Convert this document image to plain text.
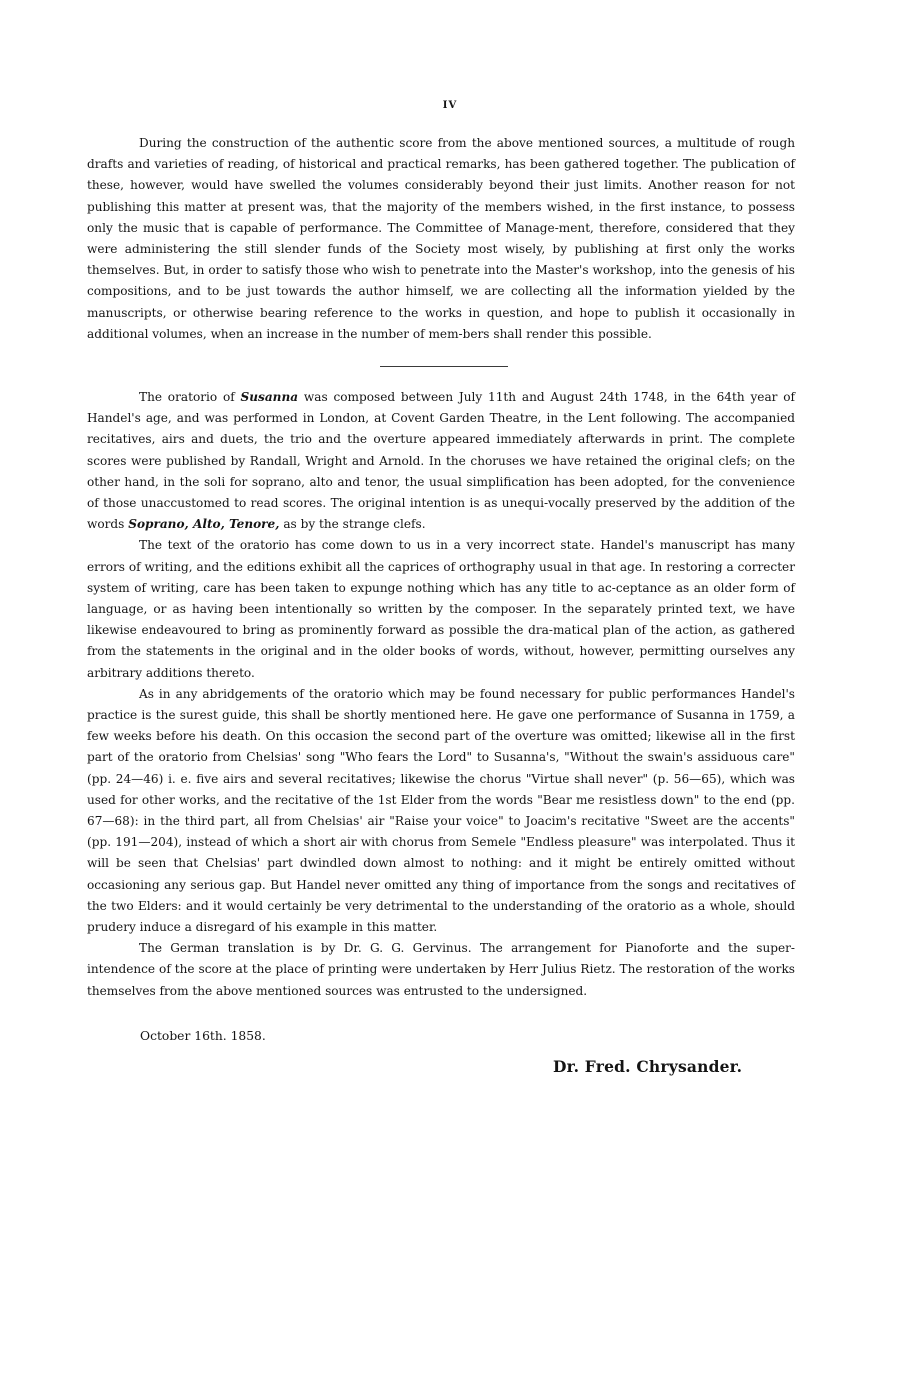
IV

During the construction of the authentic score from the above mentioned sources, a multitude of rough drafts and varieties of reading, of historical and practical remarks, has been gathered together. The publication of these, however, would have swelled the volumes considerably beyond their just limits. Another reason for not publishing this matter at present was, that the majority of the members wished, in the first instance, to possess only the music that is capable of performance. The Committee of Manage-ment, therefore, considered that they were administering the still slender funds of the Society most wisely, by publishing at first only the works themselves. But, in order to satisfy those who wish to penetrate into the Master's workshop, into the genesis of his compositions, and to be just towards the author himself, we are collecting all the information yielded by the manuscripts, or otherwise bearing reference to the works in question, and hope to publish it occasionally in additional volumes, when an increase in the number of mem-bers shall render this possible.

The oratorio of Susanna was composed between July 11th and August 24th 1748, in the 64th year of Handel's age, and was performed in London, at Covent Garden Theatre, in the Lent following. The accompanied recitatives, airs and duets, the trio and the overture appeared immediately afterwards in print. The complete scores were published by Randall, Wright and Arnold. In the choruses we have retained the original clefs; on the other hand, in the soli for soprano, alto and tenor, the usual simplification has been adopted, for the convenience of those unaccustomed to read scores. The original intention is as unequi-vocally preserved by the addition of the words Soprano, Alto, Tenore, as by the strange clefs.

The text of the oratorio has come down to us in a very incorrect state. Handel's manuscript has many errors of writing, and the editions exhibit all the caprices of orthography usual in that age. In restoring a correcter system of writing, care has been taken to expunge nothing which has any title to ac-ceptance as an older form of language, or as having been intentionally so written by the composer. In the separately printed text, we have likewise endeavoured to bring as prominently forward as possible the dra-matical plan of the action, as gathered from the statements in the original and in the older books of words, without, however, permitting ourselves any arbitrary additions thereto.

As in any abridgements of the oratorio which may be found necessary for public performances Handel's practice is the surest guide, this shall be shortly mentioned here. He gave one performance of Susanna in 1759, a few weeks before his death. On this occasion the second part of the overture was omitted; likewise all in the first part of the oratorio from Chelsias' song "Who fears the Lord" to Susanna's, "Without the swain's assiduous care" (pp. 24—46) i. e. five airs and several recitatives; likewise the chorus "Virtue shall never" (p. 56—65), which was used for other works, and the recitative of the 1st Elder from the words "Bear me resistless down" to the end (pp. 67—68): in the third part, all from Chelsias' air "Raise your voice" to Joacim's recitative "Sweet are the accents" (pp. 191—204), instead of which a short air with chorus from Semele "Endless pleasure" was interpolated. Thus it will be seen that Chelsias' part dwindled down almost to nothing: and it might be entirely omitted without occasioning any serious gap. But Handel never omitted any thing of importance from the songs and recitatives of the two Elders: and it would certainly be very detrimental to the understanding of the oratorio as a whole, should prudery induce a disregard of his example in this matter.

The German translation is by Dr. G. G. Gervinus. The arrangement for Pianoforte and the super-intendence of the score at the place of printing were undertaken by Herr Julius Rietz. The restoration of the works themselves from the above mentioned sources was entrusted to the undersigned.

October 16th. 1858.
Dr. Fred. Chrysander.
